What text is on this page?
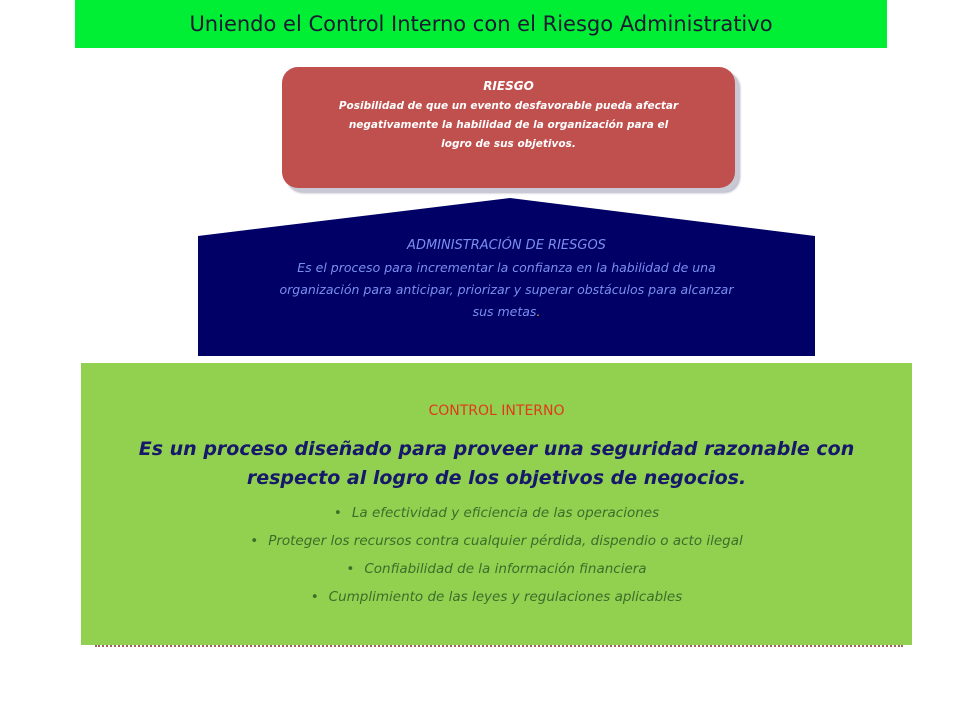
Uniendo el Control Interno con el Riesgo Administrativo
RIESGO
Posibilidad de que un evento desfavorable pueda afectar
negativamente la habilidad de la organización para el
logro de sus objetivos.
ADMINISTRACIÓN DE RIESGOS
Es el proceso para incrementar la confianza en la habilidad de una
organización para anticipar, priorizar y superar obstáculos para alcanzar
sus metas.
CONTROL INTERNO
Es un proceso diseñado para proveer una seguridad razonable con
respecto al logro de los objetivos de negocios.
• La efectividad y eficiencia de las operaciones
• Proteger los recursos contra cualquier pérdida, dispendio o acto ilegal
• Confiabilidad de la información financiera
• Cumplimiento de las leyes y regulaciones aplicables
